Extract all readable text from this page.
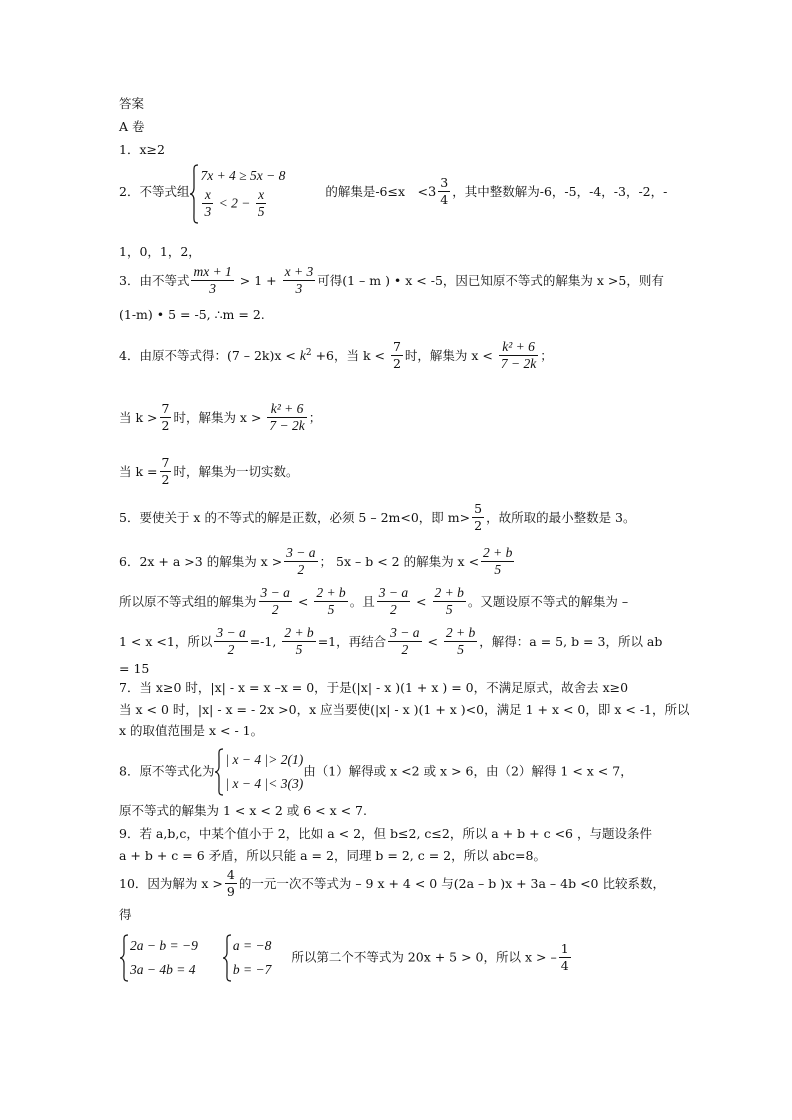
答案
A 卷
1．x≥2
2．不等式组
7x + 4 ≥ 5x − 8
$\frac{x}{3} < 2 - \frac{x}{5}$	的解集是-6≤x　$<3 \frac{3}{4}$ ，其中整数解为-6，-5，-4，-3，-2，-
1，0，1，2，
3．由不等式 $\frac{mx + 1}{3} > 1 + \frac{x + 3}{3}$ 可得(1 – m ) • x < -5，因已知原不等式的解集为 x >5，则有
(1-m) • 5 = -5, ∴m = 2.
4．由原不等式得：$(7 - 2k)x < k^2 +6$，当 $k < \frac{7}{2}$ 时，解集为 $x < \frac{\text{k² + 6}}{7 - 2k}$ ；
当 $k > \frac{7}{2}$ 时，解集为 $x > \frac{\text{k² + 6}}{7 - 2k}$ ；
当 $k = \frac{7}{2}$ 时，解集为一切实数。
5．要使关于 x 的不等式的解是正数，必须 5 – 2m<0，即 $m> \frac{5}{2}$ ，故所取的最小整数是 3。
6．2x + a >3 的解集为 $x > \frac{3 - a}{2}$ ； 5x – b < 2 的解集为 $x < \frac{2 + b}{5}$
所以原不等式组的解集为 $\frac{3 - a}{2} < \frac{2 + b}{5}$ 。且 $\frac{3 - a}{2} < \frac{2 + b}{5}$ 。又题设原不等式的解集为 –
1 < x <1，所以 $\frac{3 - a}{2} =-1$, $\frac{2 + b}{5} =1$，再结合 $\frac{3 - a}{2} < \frac{2 + b}{5}$ ，解得：a = 5, b = 3，所以 ab
= 15
7．当 x≥0 时，|x| - x = x –x = 0，于是(|x| - x )(1 + x ) = 0，不满足原式，故舍去 x≥0
当 x < 0 时，|x| - x = - 2x >0，x 应当要使(|x| - x )(1 + x )<0，满足 1 + x < 0，即 x < -1，所以
x 的取值范围是 x < - 1。
8．原不等式化为
| x − 4 |> 2(1)
| x − 4 |< 3(3)
由（1）解得或 x <2 或 x > 6，由（2）解得 1 < x < 7，
原不等式的解集为 1 < x < 2 或 6 < x < 7.
9．若 a,b,c，中某个值小于 2，比如 a < 2，但 b≤2, c≤2，所以 a + b + c <6 ，与题设条件
a + b + c = 6 矛盾，所以只能 a = 2，同理 b = 2, c = 2，所以 abc=8。
10．因为解为 $x > \frac{4}{9}$ 的一元一次不等式为 – 9 x + 4 < 0 与(2a – b )x + 3a – 4b <0 比较系数，
得
2a − b = −9
3a − 4b = 4
a = −8
b = −7
所以第二个不等式为 20x + 5 > 0，所以 x > – $\frac{1}{4}$
